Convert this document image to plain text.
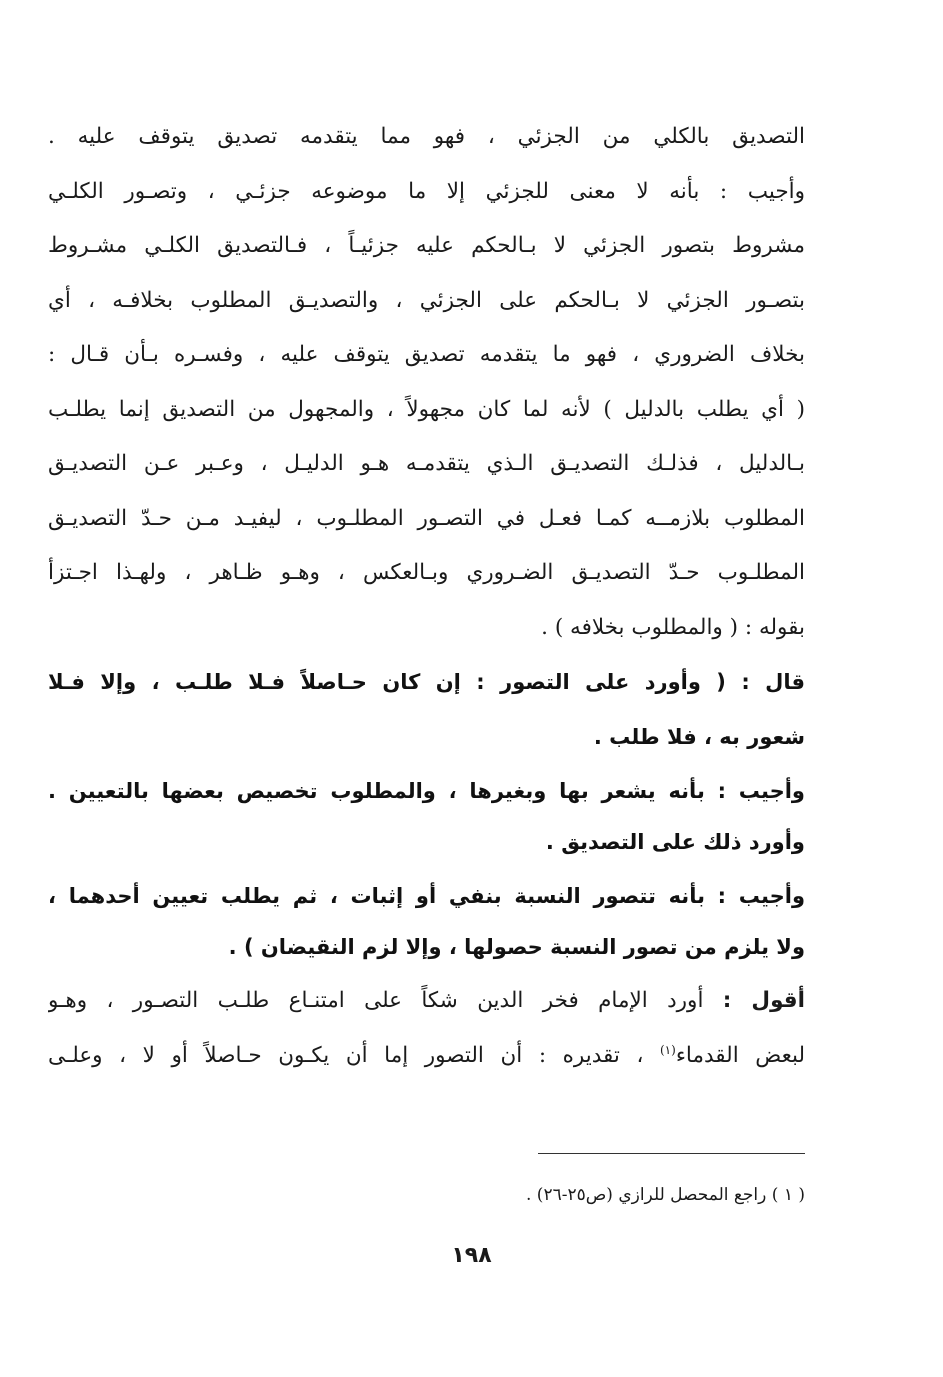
التصديق بالكلي من الجزئي ، فهو مما يتقدمه تصديق يتوقف عليه .
وأجيب : بأنه لا معنى للجزئي إلا ما موضوعه جزئـي ، وتصـور الكلـي
مشروط بتصور الجزئي لا بـالحكم عليه جزئيـاً ، فـالتصديق الكلـي مشـروط
بتصـور الجزئي لا بـالحكم على الجزئي ، والتصديـق المطلوب بخلافـه ، أي
بخلاف الضروري ، فهو ما يتقدمه تصديق يتوقف عليه ، وفسـره بـأن قـال :
( أي يطلب بالدليل ) لأنه لما كان مجهولاً ، والمجهول من التصديق إنما يطلـب
بـالدليل ، فذلـك التصديـق الـذي يتقدمـه هـو الدليـل ، وعـبر عـن التصديـق
المطلوب بلازمــه كمـا فعـل في التصـور المطلـوب ، ليفيـد مـن حـدّ التصديـق
المطلـوب حـدّ التصديـق الضـروري وبـالعكس ، وهـو ظـاهر ، ولهـذا اجـتزأ
بقوله : ( والمطلوب بخلافه ) .
قال : ( وأورد على التصور : إن كان حـاصلاً فـلا طلـب ، وإلا فـلا
شعور به ، فلا طلب .
وأجيب : بأنه يشعر بها وبغيرها ، والمطلوب تخصيص بعضها بالتعيين .
وأورد ذلك على التصديق .
وأجيب : بأنه تتصور النسبة بنفي أو إثبات ، ثم يطلب تعيين أحدهما ،
ولا يلزم من تصور النسبة حصولها ، وإلا لزم النقيضان ) .
أقول : أورد الإمام فخر الدين شكاً على امتنـاع طلـب التصـور ، وهـو
لبعض القدماء$^{(١)}$ ، تقديره : أن التصور إما أن يكـون حـاصلاً أو لا ، وعلـى
( ١ ) راجع المحصل للرازي (ص٢٥-٢٦) .
١٩٨
